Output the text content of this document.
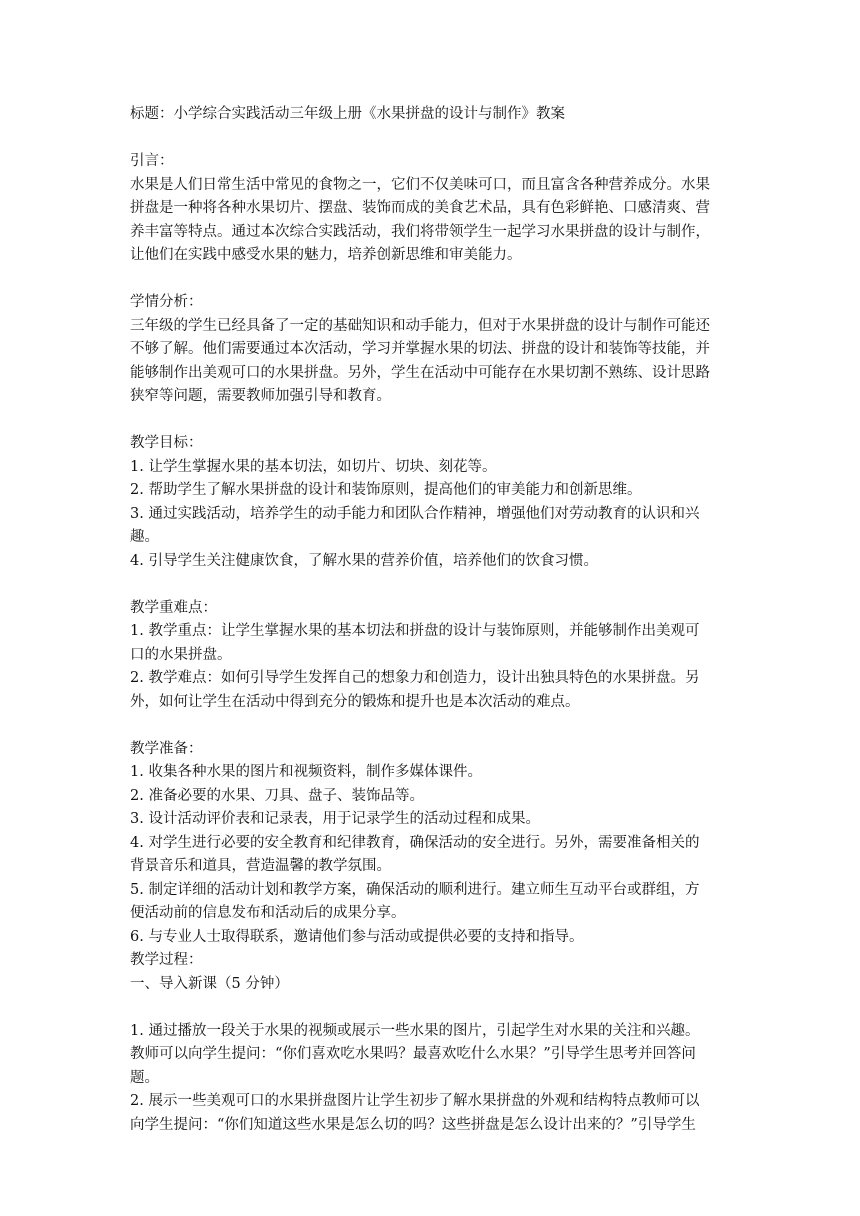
标题：小学综合实践活动三年级上册《水果拼盘的设计与制作》教案

引言：

水果是人们日常生活中常见的食物之一，它们不仅美味可口，而且富含各种营养成分。水果

拼盘是一种将各种水果切片、摆盘、装饰而成的美食艺术品，具有色彩鲜艳、口感清爽、营

养丰富等特点。通过本次综合实践活动，我们将带领学生一起学习水果拼盘的设计与制作，

让他们在实践中感受水果的魅力，培养创新思维和审美能力。

学情分析：

三年级的学生已经具备了一定的基础知识和动手能力，但对于水果拼盘的设计与制作可能还

不够了解。他们需要通过本次活动，学习并掌握水果的切法、拼盘的设计和装饰等技能，并

能够制作出美观可口的水果拼盘。另外，学生在活动中可能存在水果切割不熟练、设计思路

狭窄等问题，需要教师加强引导和教育。

教学目标：

1. 让学生掌握水果的基本切法，如切片、切块、刻花等。

2. 帮助学生了解水果拼盘的设计和装饰原则，提高他们的审美能力和创新思维。

3. 通过实践活动，培养学生的动手能力和团队合作精神，增强他们对劳动教育的认识和兴

趣。

4. 引导学生关注健康饮食，了解水果的营养价值，培养他们的饮食习惯。

教学重难点：

1. 教学重点：让学生掌握水果的基本切法和拼盘的设计与装饰原则，并能够制作出美观可

口的水果拼盘。

2. 教学难点：如何引导学生发挥自己的想象力和创造力，设计出独具特色的水果拼盘。另

外，如何让学生在活动中得到充分的锻炼和提升也是本次活动的难点。

教学准备：

1. 收集各种水果的图片和视频资料，制作多媒体课件。

2. 准备必要的水果、刀具、盘子、装饰品等。

3. 设计活动评价表和记录表，用于记录学生的活动过程和成果。

4. 对学生进行必要的安全教育和纪律教育，确保活动的安全进行。另外，需要准备相关的

背景音乐和道具，营造温馨的教学氛围。

5. 制定详细的活动计划和教学方案，确保活动的顺利进行。建立师生互动平台或群组，方

便活动前的信息发布和活动后的成果分享。

6. 与专业人士取得联系，邀请他们参与活动或提供必要的支持和指导。

教学过程：

一、导入新课（5 分钟）

1. 通过播放一段关于水果的视频或展示一些水果的图片，引起学生对水果的关注和兴趣。

教师可以向学生提问：“你们喜欢吃水果吗？最喜欢吃什么水果？”引导学生思考并回答问

题。

2. 展示一些美观可口的水果拼盘图片让学生初步了解水果拼盘的外观和结构特点教师可以

向学生提问：“你们知道这些水果是怎么切的吗？这些拼盘是怎么设计出来的？”引导学生
